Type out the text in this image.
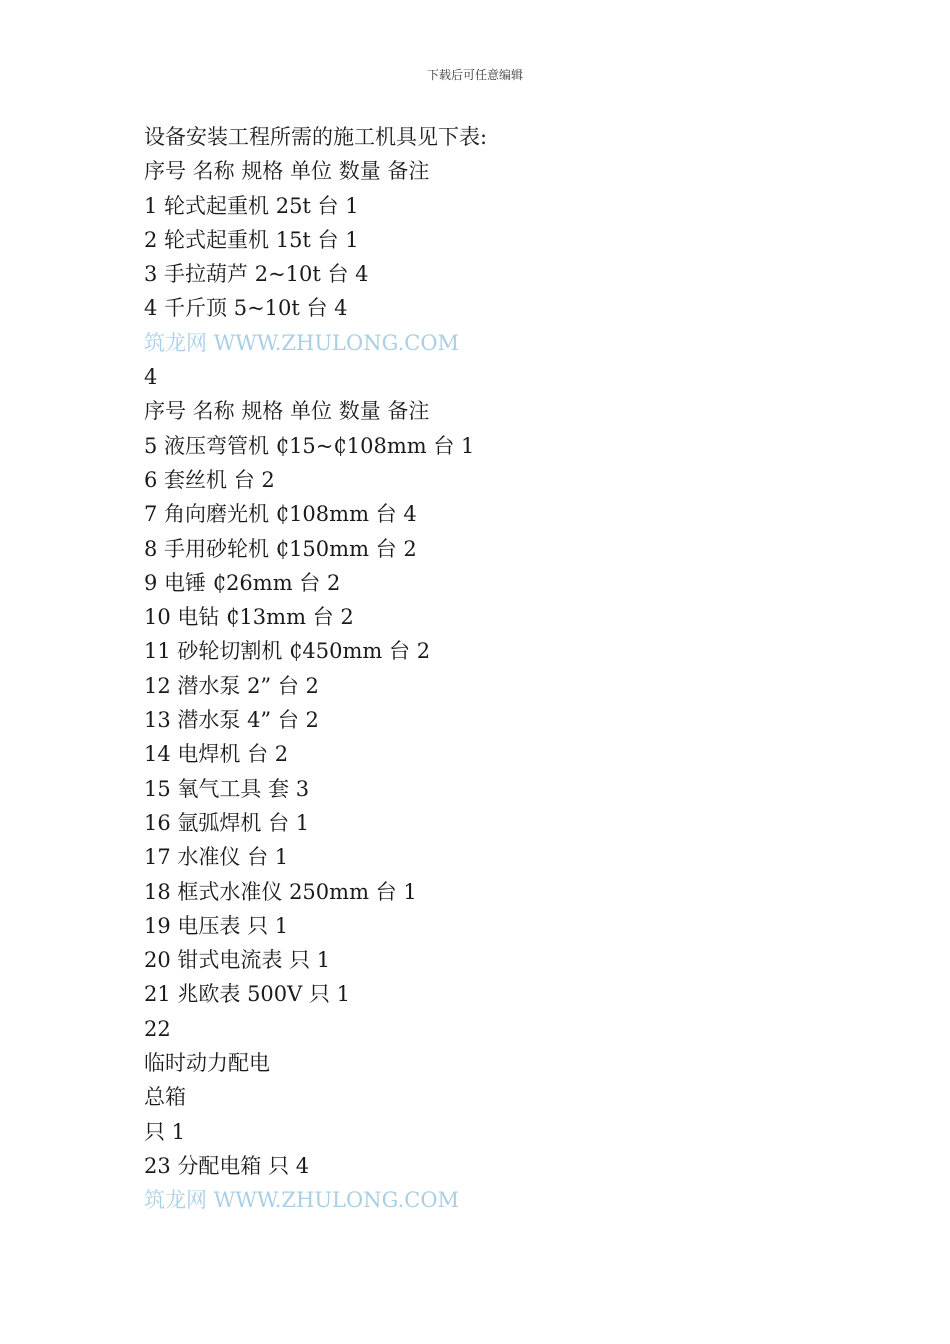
下载后可任意编辑
设备安装工程所需的施工机具见下表:
序号 名称 规格 单位 数量 备注
1 轮式起重机 25t 台 1
2 轮式起重机 15t 台 1
3 手拉葫芦 2~10t 台 4
4 千斤顶 5~10t 台 4
筑龙网 WWW.ZHULONG.COM
4
序号 名称 规格 单位 数量 备注
5 液压弯管机 ₵15~₵108mm 台 1
6 套丝机 台 2
7 角向磨光机 ₵108mm 台 4
8 手用砂轮机 ₵150mm 台 2
9 电锤 ₵26mm 台 2
10 电钻 ₵13mm 台 2
11 砂轮切割机 ₵450mm 台 2
12 潜水泵 2” 台 2
13 潜水泵 4” 台 2
14 电焊机 台 2
15 氧气工具 套 3
16 氩弧焊机 台 1
17 水准仪 台 1
18 框式水准仪 250mm 台 1
19 电压表 只 1
20 钳式电流表 只 1
21 兆欧表 500V 只 1
22
临时动力配电
总箱
只 1
23 分配电箱 只 4
筑龙网 WWW.ZHULONG.COM
